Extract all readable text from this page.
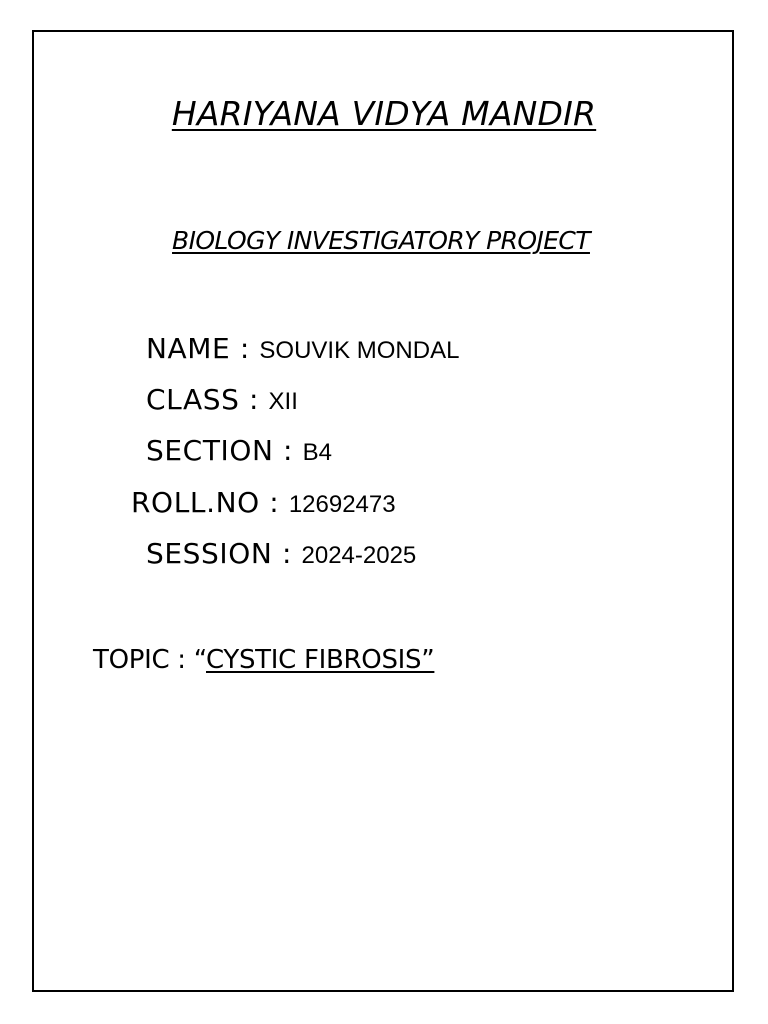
HARIYANA VIDYA MANDIR
BIOLOGY INVESTIGATORY PROJECT
NAME : SOUVIK MONDAL
CLASS : XII
SECTION : B4
ROLL.NO : 12692473
SESSION : 2024-2025
TOPIC : “CYSTIC FIBROSIS”
